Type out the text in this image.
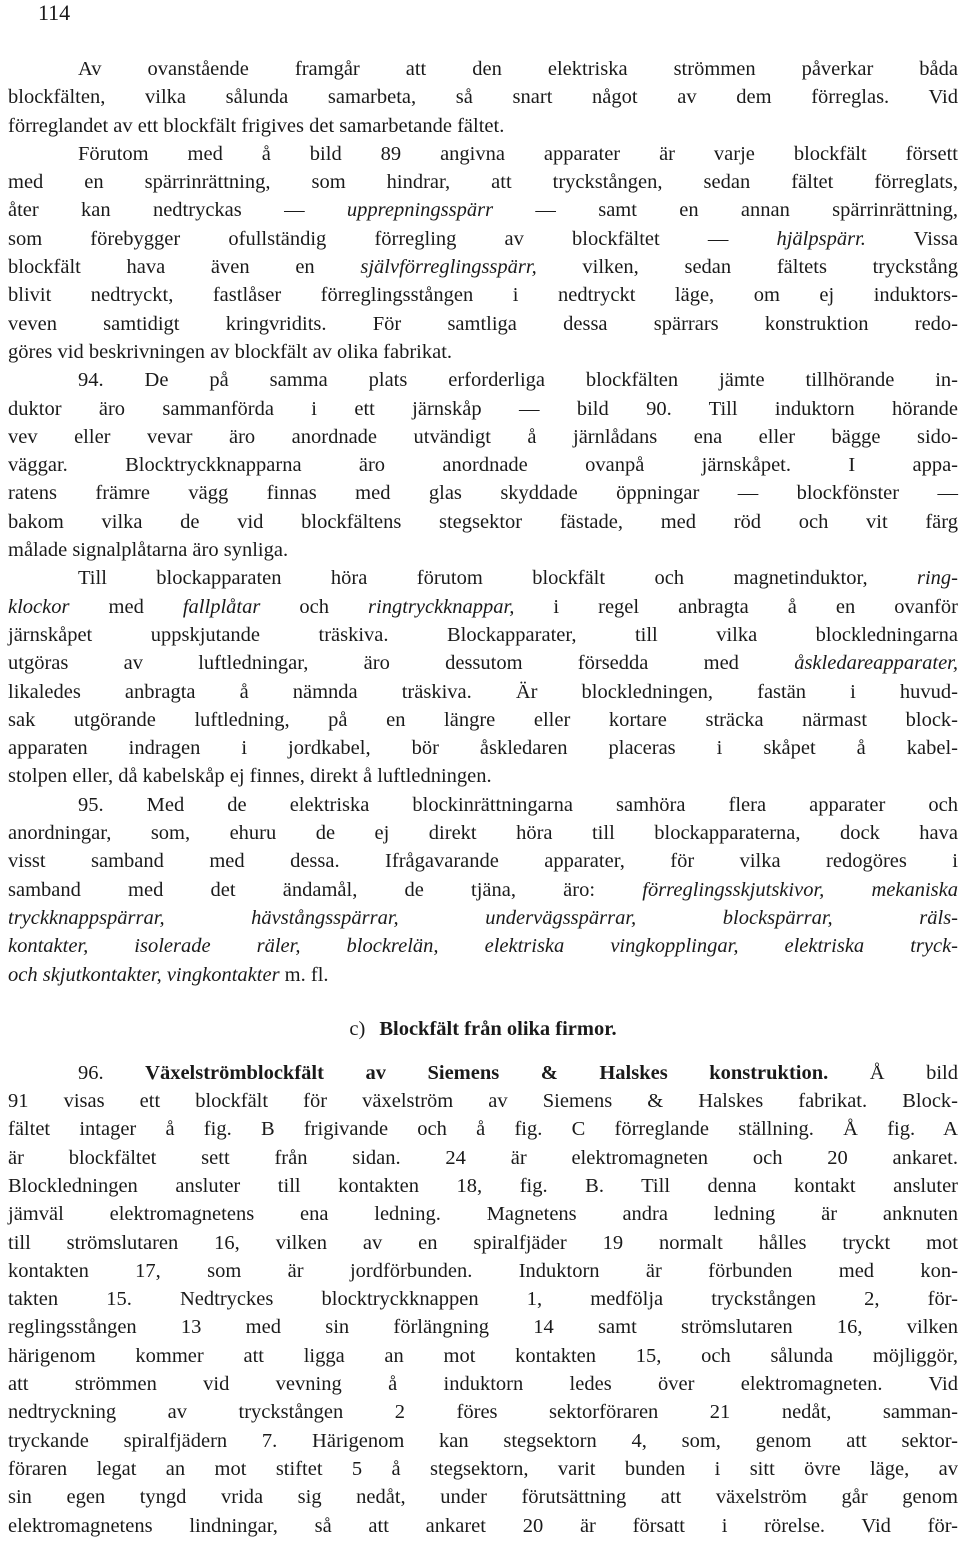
114
Av ovanstående framgår att den elektriska strömmen påverkar båda
blockfälten, vilka sålunda samarbeta, så snart något av dem förreglas. Vid
förreglandet av ett blockfält frigives det samarbetande fältet.
Förutom med å bild 89 angivna apparater är varje blockfält försett
med en spärrinrättning, som hindrar, att tryckstången, sedan fältet förreglats,
åter kan nedtryckas — upprepningsspärr — samt en annan spärrinrättning,
som förebygger ofullständig förregling av blockfältet — hjälpspärr. Vissa
blockfält hava även en självförreglingsspärr, vilken, sedan fältets tryckstång
blivit nedtryckt, fastlåser förreglingsstången i nedtryckt läge, om ej induktors-
veven samtidigt kringvridits. För samtliga dessa spärrars konstruktion redo-
göres vid beskrivningen av blockfält av olika fabrikat.
94. De på samma plats erforderliga blockfälten jämte tillhörande in-
duktor äro sammanförda i ett järnskåp — bild 90. Till induktorn hörande
vev eller vevar äro anordnade utvändigt å järnlådans ena eller bägge sido-
väggar. Blocktryckknapparna äro anordnade ovanpå järnskåpet. I appa-
ratens främre vägg finnas med glas skyddade öppningar — blockfönster —
bakom vilka de vid blockfältens stegsektor fästade, med röd och vit färg
målade signalplåtarna äro synliga.
Till blockapparaten höra förutom blockfält och magnetinduktor, ring-
klockor med fallplåtar och ringtryckknappar, i regel anbragta å en ovanför
järnskåpet uppskjutande träskiva. Blockapparater, till vilka blockledningarna
utgöras av luftledningar, äro dessutom försedda med åskledareapparater,
likaledes anbragta å nämnda träskiva. Är blockledningen, fastän i huvud-
sak utgörande luftledning, på en längre eller kortare sträcka närmast block-
apparaten indragen i jordkabel, bör åskledaren placeras i skåpet å kabel-
stolpen eller, då kabelskåp ej finnes, direkt å luftledningen.
95. Med de elektriska blockinrättningarna samhöra flera apparater och
anordningar, som, ehuru de ej direkt höra till blockapparaterna, dock hava
visst samband med dessa. Ifrågavarande apparater, för vilka redogöres i
samband med det ändamål, de tjäna, äro: förreglingsskjutskivor, mekaniska
tryckknappspärrar, hävstångsspärrar, undervägsspärrar, blockspärrar, räls-
kontakter, isolerade räler, blockrelän, elektriska vingkopplingar, elektriska tryck-
och skjutkontakter, vingkontakter m. fl.
c) Blockfält från olika firmor.
96. Växelströmblockfält av Siemens & Halskes konstruktion. Å bild
91 visas ett blockfält för växelström av Siemens & Halskes fabrikat. Block-
fältet intager å fig. B frigivande och å fig. C förreglande ställning. Å fig. A
är blockfältet sett från sidan. 24 är elektromagneten och 20 ankaret.
Blockledningen ansluter till kontakten 18, fig. B. Till denna kontakt ansluter
jämväl elektromagnetens ena ledning. Magnetens andra ledning är anknuten
till strömslutaren 16, vilken av en spiralfjäder 19 normalt hålles tryckt mot
kontakten 17, som är jordförbunden. Induktorn är förbunden med kon-
takten 15. Nedtryckes blocktryckknappen 1, medfölja tryckstången 2, för-
reglingsstången 13 med sin förlängning 14 samt strömslutaren 16, vilken
härigenom kommer att ligga an mot kontakten 15, och sålunda möjliggör,
att strömmen vid vevning å induktorn ledes över elektromagneten. Vid
nedtryckning av tryckstången 2 föres sektorföraren 21 nedåt, samman-
tryckande spiralfjädern 7. Härigenom kan stegsektorn 4, som, genom att sektor-
föraren legat an mot stiftet 5 å stegsektorn, varit bunden i sitt övre läge, av
sin egen tyngd vrida sig nedåt, under förutsättning att växelström går genom
elektromagnetens lindningar, så att ankaret 20 är försatt i rörelse. Vid för-
